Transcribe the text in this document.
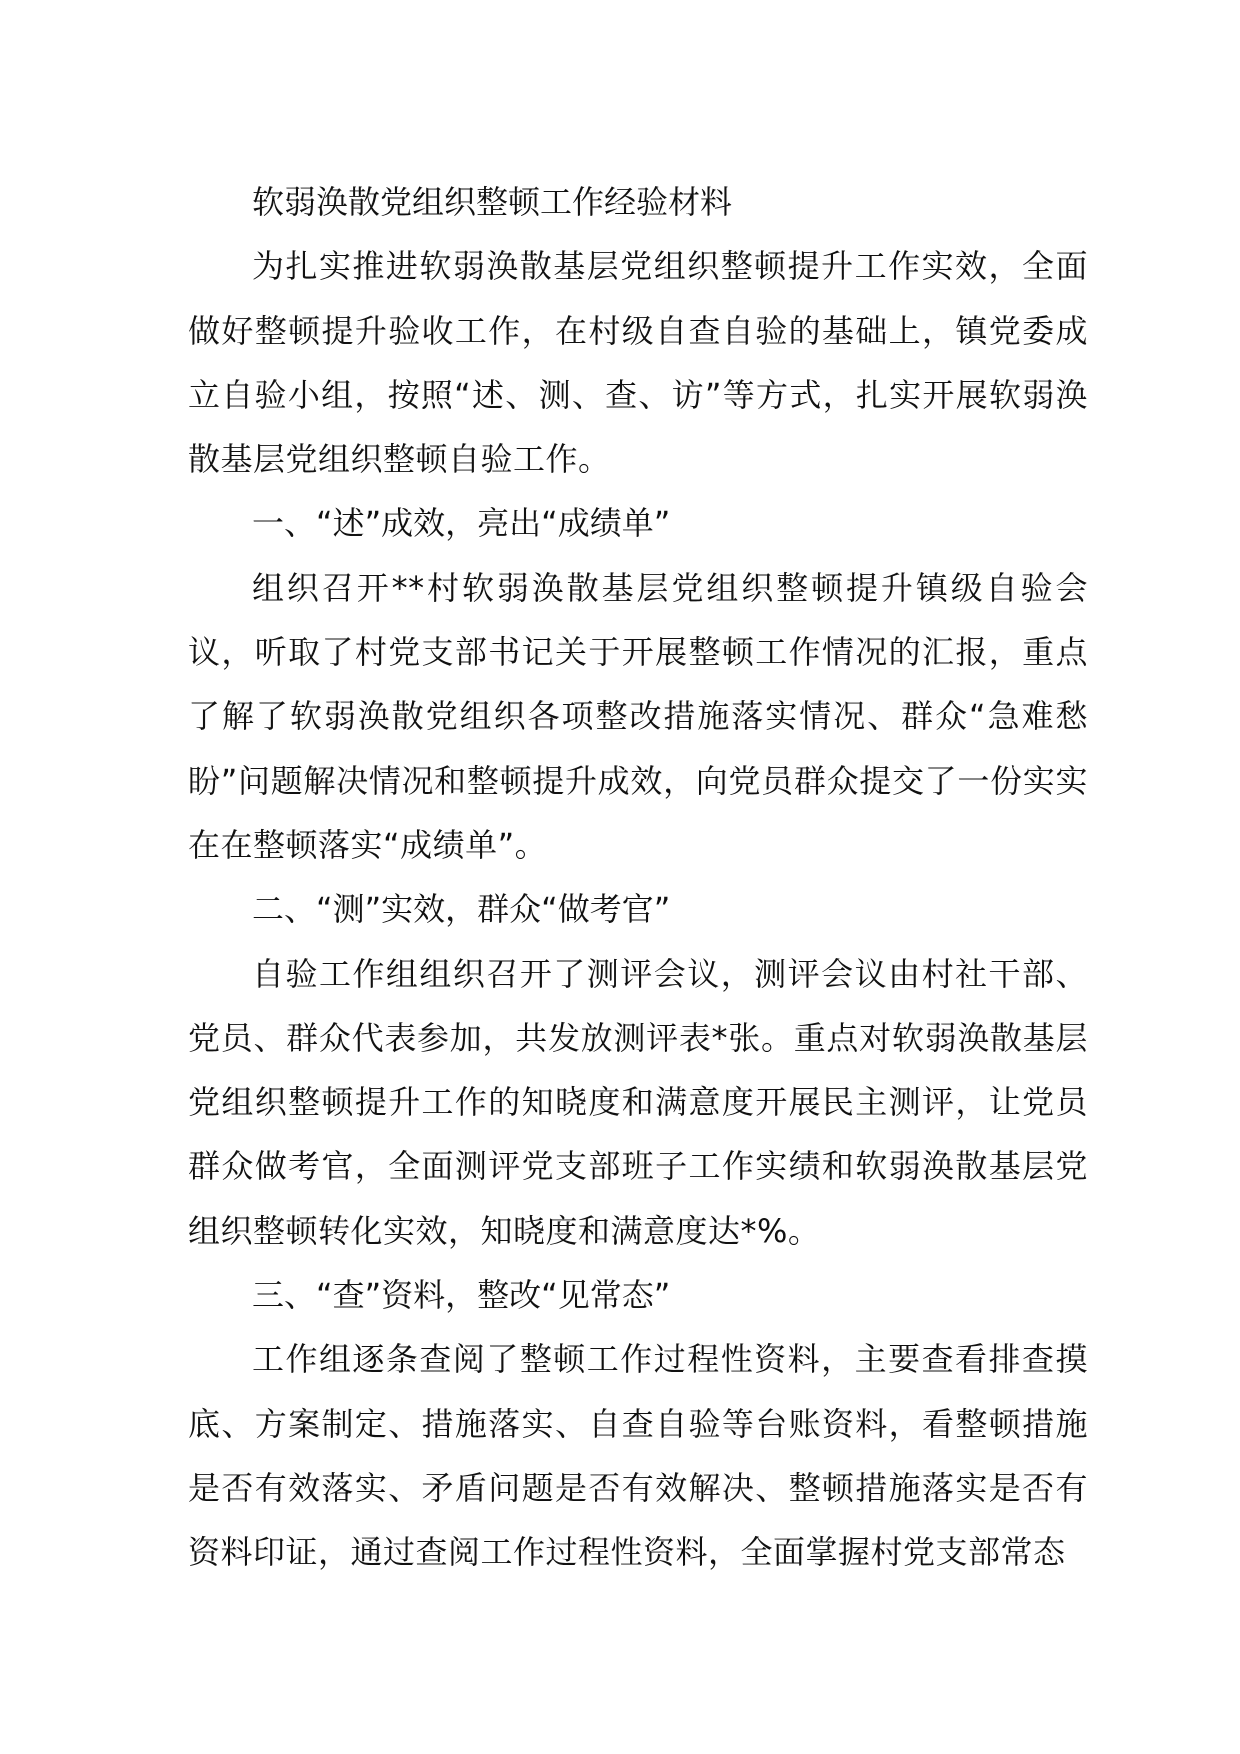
软弱涣散党组织整顿工作经验材料

为扎实推进软弱涣散基层党组织整顿提升工作实效，全面做好整顿提升验收工作，在村级自查自验的基础上，镇党委成立自验小组，按照“述、测、查、访”等方式，扎实开展软弱涣散基层党组织整顿自验工作。

一、“述”成效，亮出“成绩单”

组织召开**村软弱涣散基层党组织整顿提升镇级自验会议，听取了村党支部书记关于开展整顿工作情况的汇报，重点了解了软弱涣散党组织各项整改措施落实情况、群众“急难愁盼”问题解决情况和整顿提升成效，向党员群众提交了一份实实在在整顿落实“成绩单”。

二、“测”实效，群众“做考官”

自验工作组组织召开了测评会议，测评会议由村社干部、党员、群众代表参加，共发放测评表*张。重点对软弱涣散基层党组织整顿提升工作的知晓度和满意度开展民主测评，让党员群众做考官，全面测评党支部班子工作实绩和软弱涣散基层党组织整顿转化实效，知晓度和满意度达*%。

三、“查”资料，整改“见常态”

工作组逐条查阅了整顿工作过程性资料，主要查看排查摸底、方案制定、措施落实、自查自验等台账资料，看整顿措施是否有效落实、矛盾问题是否有效解决、整顿措施落实是否有资料印证，通过查阅工作过程性资料，全面掌握村党支部常态
